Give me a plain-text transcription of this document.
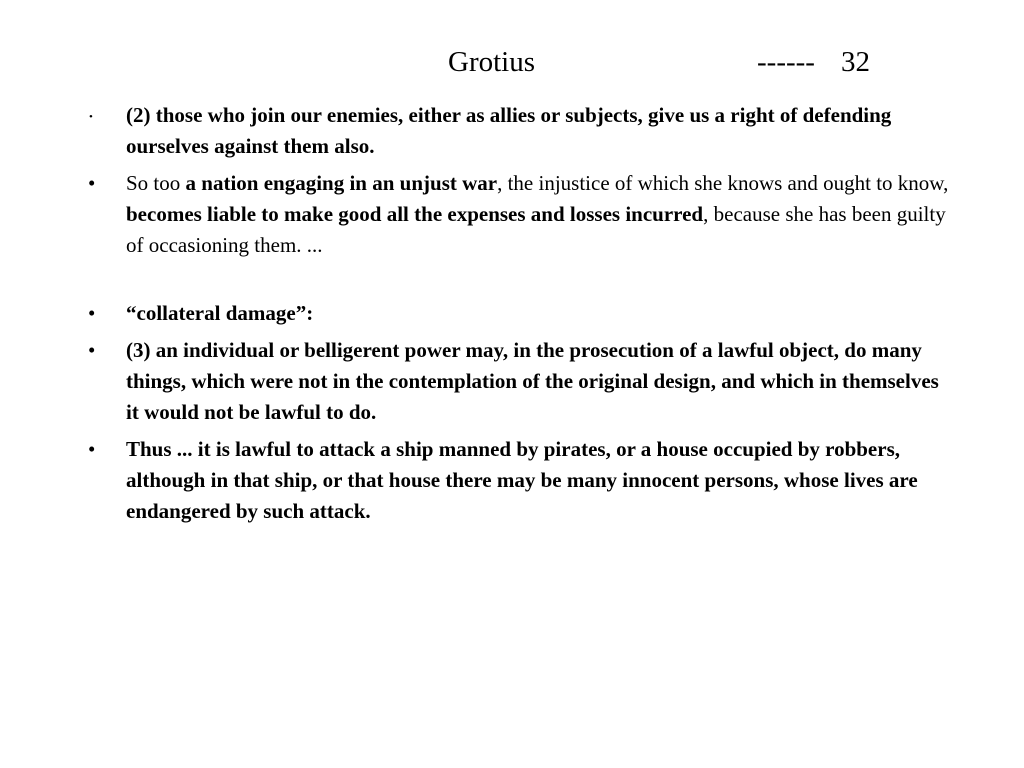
Grotius	------ 32
• (2) those who join our enemies, either as allies or subjects, give us a right of defending ourselves against them also.
• So too a nation engaging in an unjust war, the injustice of which she knows and ought to know, becomes liable to make good all the expenses and losses incurred, because she has been guilty of occasioning them. ...
• “collateral damage”:
• (3) an individual or belligerent power may, in the prosecution of a lawful object, do many things, which were not in the contemplation of the original design, and which in themselves it would not be lawful to do.
• Thus ... it is lawful to attack a ship manned by pirates, or a house occupied by robbers, although in that ship, or that house there may be many innocent persons, whose lives are endangered by such attack.
